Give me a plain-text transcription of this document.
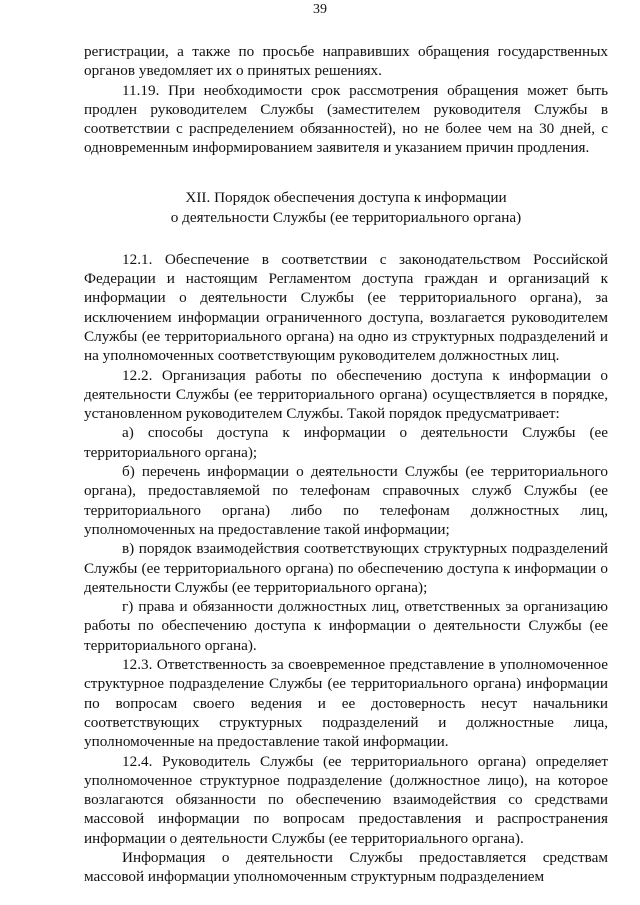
39

регистрации, а также по просьбе направивших обращения государственных органов уведомляет их о принятых решениях.

11.19. При необходимости срок рассмотрения обращения может быть продлен руководителем Службы (заместителем руководителя Службы в соответствии с распределением обязанностей), но не более чем на 30 дней, с одновременным информированием заявителя и указанием причин продления.

XII. Порядок обеспечения доступа к информации
о деятельности Службы (ее территориального органа)

12.1. Обеспечение в соответствии с законодательством Российской Федерации и настоящим Регламентом доступа граждан и организаций к информации о деятельности Службы (ее территориального органа), за исключением информации ограниченного доступа, возлагается руководителем Службы (ее территориального органа) на одно из структурных подразделений и на уполномоченных соответствующим руководителем должностных лиц.

12.2. Организация работы по обеспечению доступа к информации о деятельности Службы (ее территориального органа) осуществляется в порядке, установленном руководителем Службы. Такой порядок предусматривает:

а) способы доступа к информации о деятельности Службы (ее территориального органа);

б) перечень информации о деятельности Службы (ее территориального органа), предоставляемой по телефонам справочных служб Службы (ее территориального органа) либо по телефонам должностных лиц, уполномоченных на предоставление такой информации;

в) порядок взаимодействия соответствующих структурных подразделений Службы (ее территориального органа) по обеспечению доступа к информации о деятельности Службы (ее территориального органа);

г) права и обязанности должностных лиц, ответственных за организацию работы по обеспечению доступа к информации о деятельности Службы (ее территориального органа).

12.3. Ответственность за своевременное представление в уполномоченное структурное подразделение Службы (ее территориального органа) информации по вопросам своего ведения и ее достоверность несут начальники соответствующих структурных подразделений и должностные лица, уполномоченные на предоставление такой информации.

12.4. Руководитель Службы (ее территориального органа) определяет уполномоченное структурное подразделение (должностное лицо), на которое возлагаются обязанности по обеспечению взаимодействия со средствами массовой информации по вопросам предоставления и распространения информации о деятельности Службы (ее территориального органа).

Информация о деятельности Службы предоставляется средствам массовой информации уполномоченным структурным подразделением
